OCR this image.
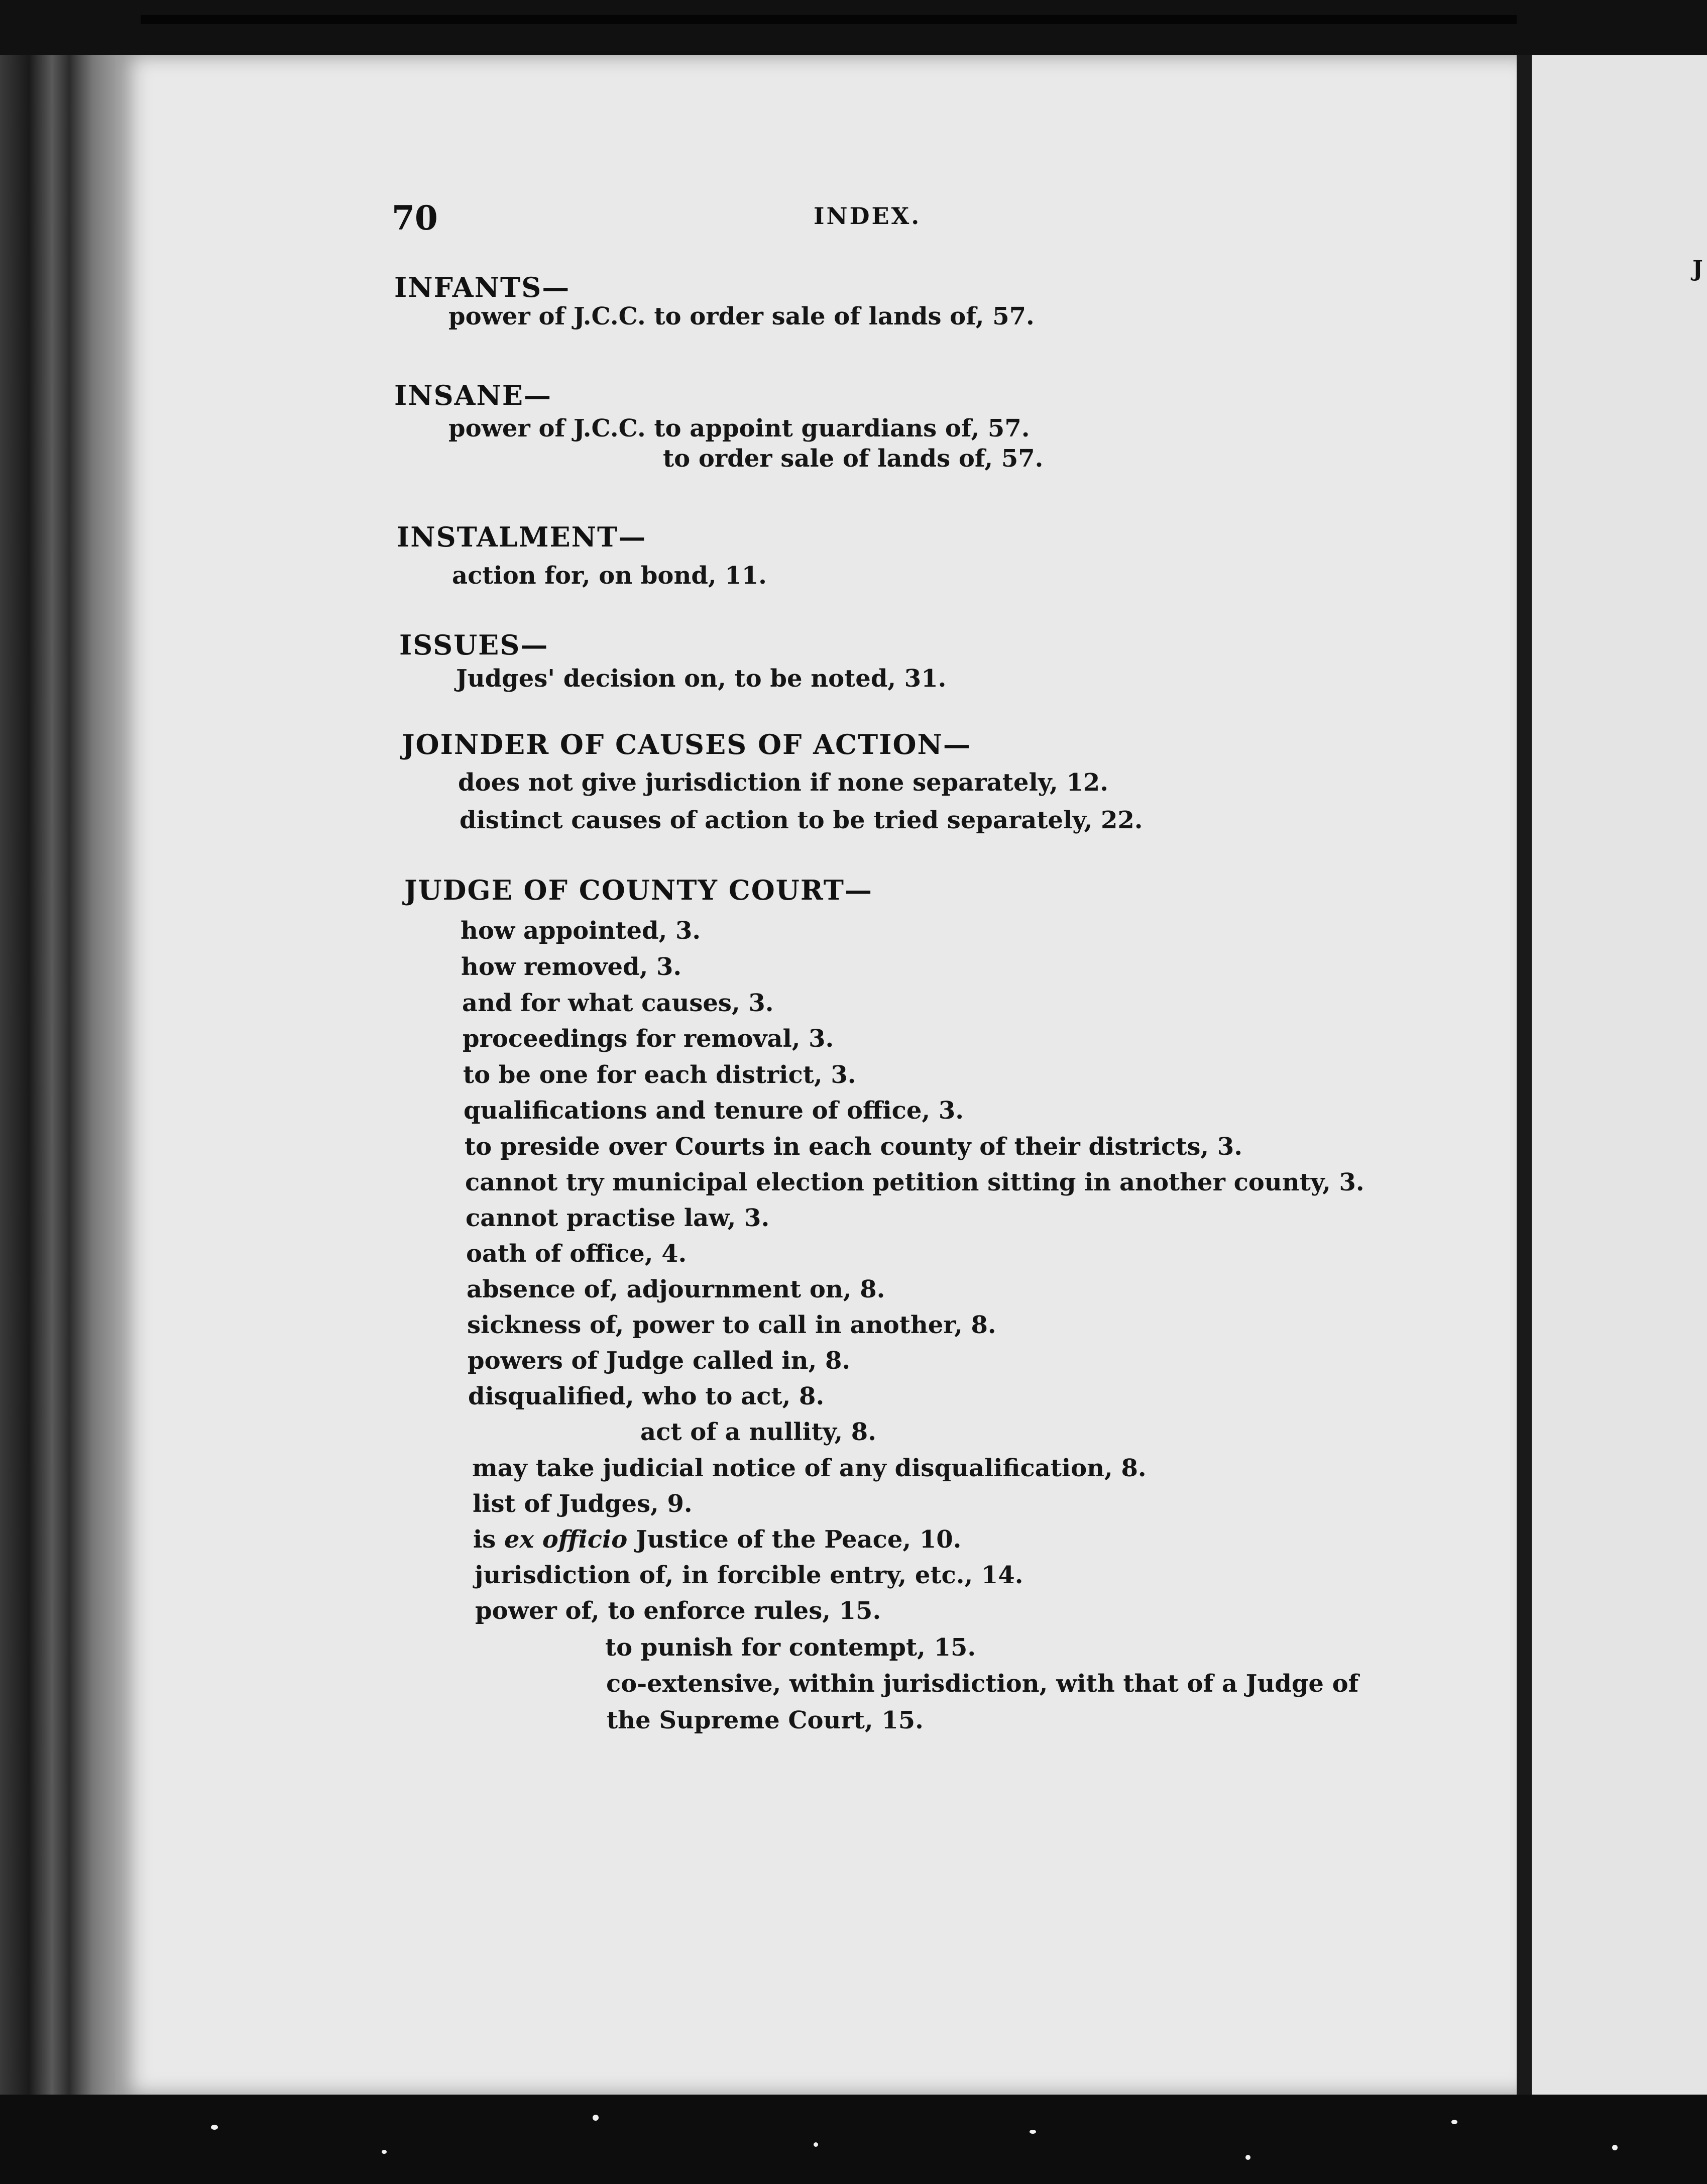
J
70	INDEX.
INFANTS—
power of J.C.C. to order sale of lands of, 57.
INSANE—
power of J.C.C. to appoint guardians of, 57.
to order sale of lands of, 57.
INSTALMENT—
action for, on bond, 11.
ISSUES—
Judges' decision on, to be noted, 31.
JOINDER OF CAUSES OF ACTION—
does not give jurisdiction if none separately, 12.
distinct causes of action to be tried separately, 22.
JUDGE OF COUNTY COURT—
how appointed, 3.
how removed, 3.
and for what causes, 3.
proceedings for removal, 3.
to be one for each district, 3.
qualifications and tenure of office, 3.
to preside over Courts in each county of their districts, 3.
cannot try municipal election petition sitting in another county, 3.
cannot practise law, 3.
oath of office, 4.
absence of, adjournment on, 8.
sickness of, power to call in another, 8.
powers of Judge called in, 8.
disqualified, who to act, 8.
act of a nullity, 8.
may take judicial notice of any disqualification, 8.
list of Judges, 9.
is ex officio Justice of the Peace, 10.
jurisdiction of, in forcible entry, etc., 14.
power of, to enforce rules, 15.
to punish for contempt, 15.
co-extensive, within jurisdiction, with that of a Judge of
the Supreme Court, 15.
